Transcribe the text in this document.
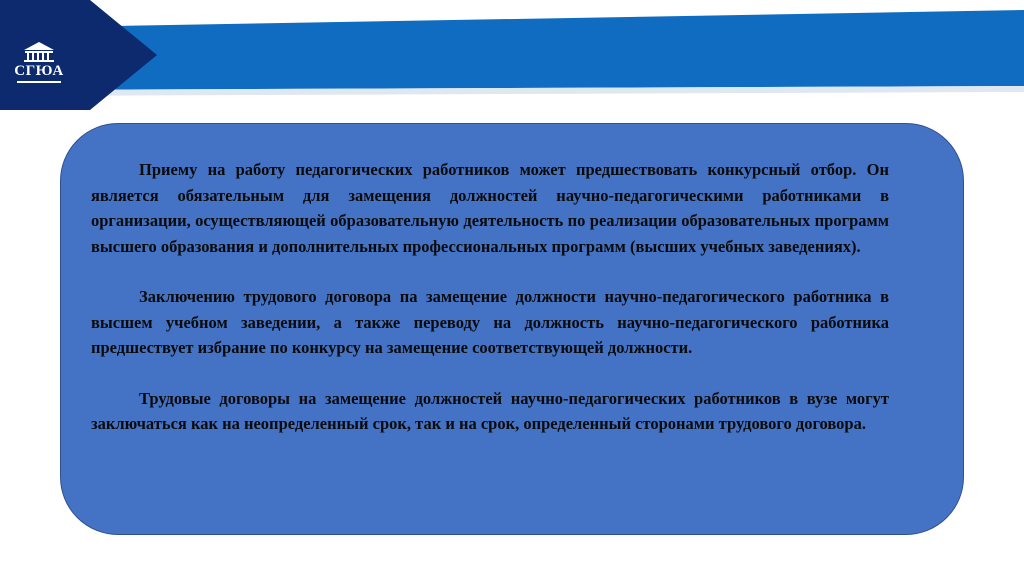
СГЮА

Приему на работу педагогических работников может предшествовать конкурсный отбор. Он является обязательным для замещения должностей научно-педагогическими работниками в организации, осуществляющей образовательную деятельность по реализации образовательных программ высшего образования и дополнительных профессиональных программ (высших учебных заведениях).

Заключению трудового договора па замещение должности научно-педагогического работника в высшем учебном заведении, а также переводу на должность научно-педагогического работника предшествует избрание по конкурсу на замещение соответствующей должности.

Трудовые договоры на замещение должностей научно-педагогических работников в вузе могут заключаться как на неопределенный срок, так и на срок, определенный сторонами трудового договора.
